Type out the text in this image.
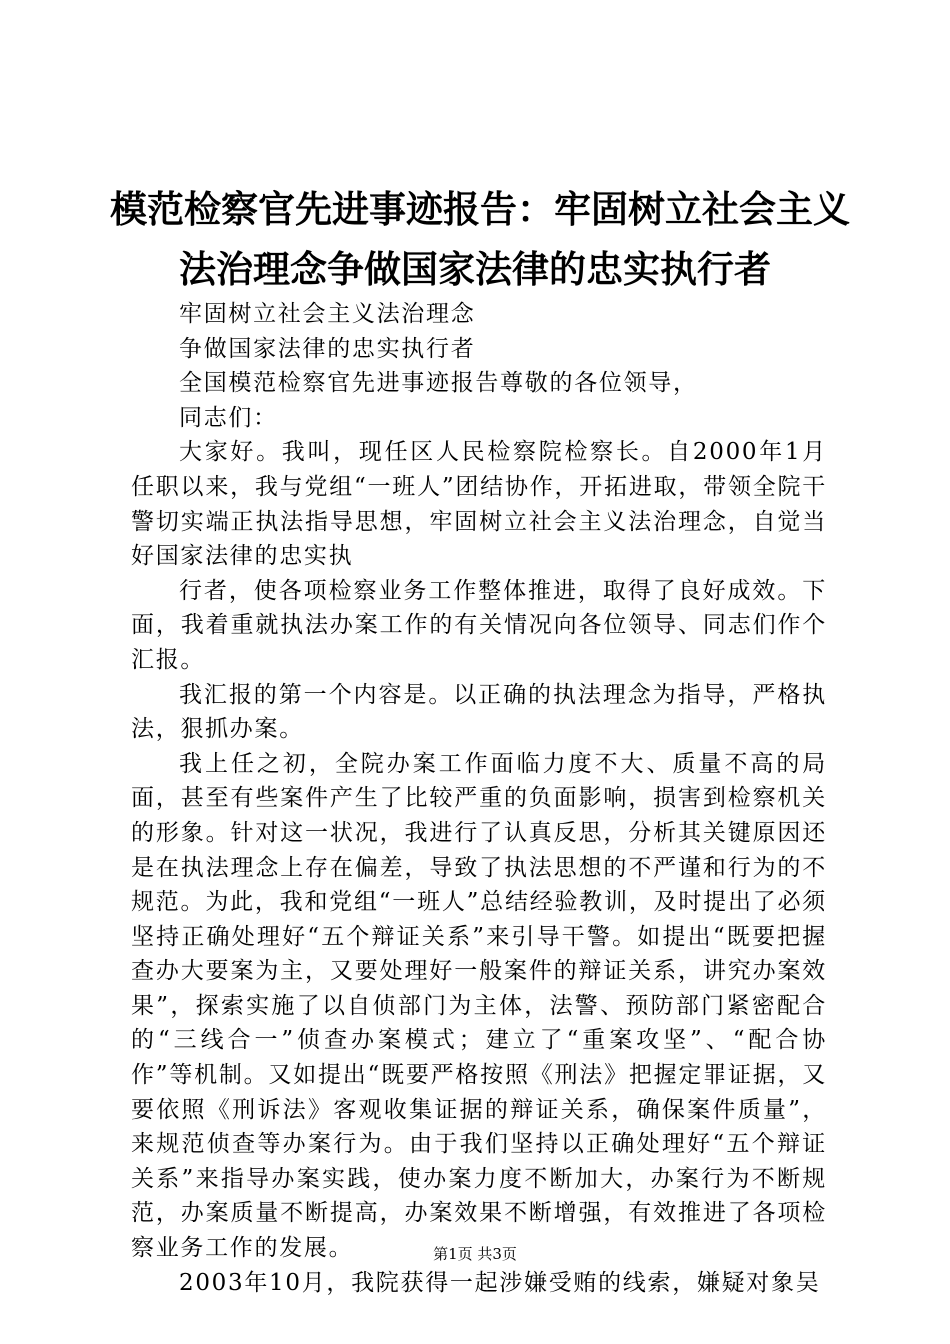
模范检察官先进事迹报告：牢固树立社会主义
法治理念争做国家法律的忠实执行者

牢固树立社会主义法治理念

争做国家法律的忠实执行者

全国模范检察官先进事迹报告尊敬的各位领导，

同志们：

大家好。我叫，现任区人民检察院检察长。自2000年1月任职以来，我与党组“一班人”团结协作，开拓进取，带领全院干警切实端正执法指导思想，牢固树立社会主义法治理念，自觉当好国家法律的忠实执

行者，使各项检察业务工作整体推进，取得了良好成效。下面，我着重就执法办案工作的有关情况向各位领导、同志们作个汇报。

我汇报的第一个内容是。以正确的执法理念为指导，严格执法，狠抓办案。

我上任之初，全院办案工作面临力度不大、质量不高的局面，甚至有些案件产生了比较严重的负面影响，损害到检察机关的形象。针对这一状况，我进行了认真反思，分析其关键原因还是在执法理念上存在偏差，导致了执法思想的不严谨和行为的不规范。为此，我和党组“一班人”总结经验教训，及时提出了必须坚持正确处理好“五个辩证关系”来引导干警。如提出“既要把握查办大要案为主，又要处理好一般案件的辩证关系，讲究办案效果”，探索实施了以自侦部门为主体，法警、预防部门紧密配合的“三线合一”侦查办案模式；建立了“重案攻坚”、“配合协作”等机制。又如提出“既要严格按照《刑法》把握定罪证据，又要依照《刑诉法》客观收集证据的辩证关系，确保案件质量”，来规范侦查等办案行为。由于我们坚持以正确处理好“五个辩证关系”来指导办案实践，使办案力度不断加大，办案行为不断规范，办案质量不断提高，办案效果不断增强，有效推进了各项检察业务工作的发展。

2003年10月，我院获得一起涉嫌受贿的线索，嫌疑对象吴

第1页 共3页
